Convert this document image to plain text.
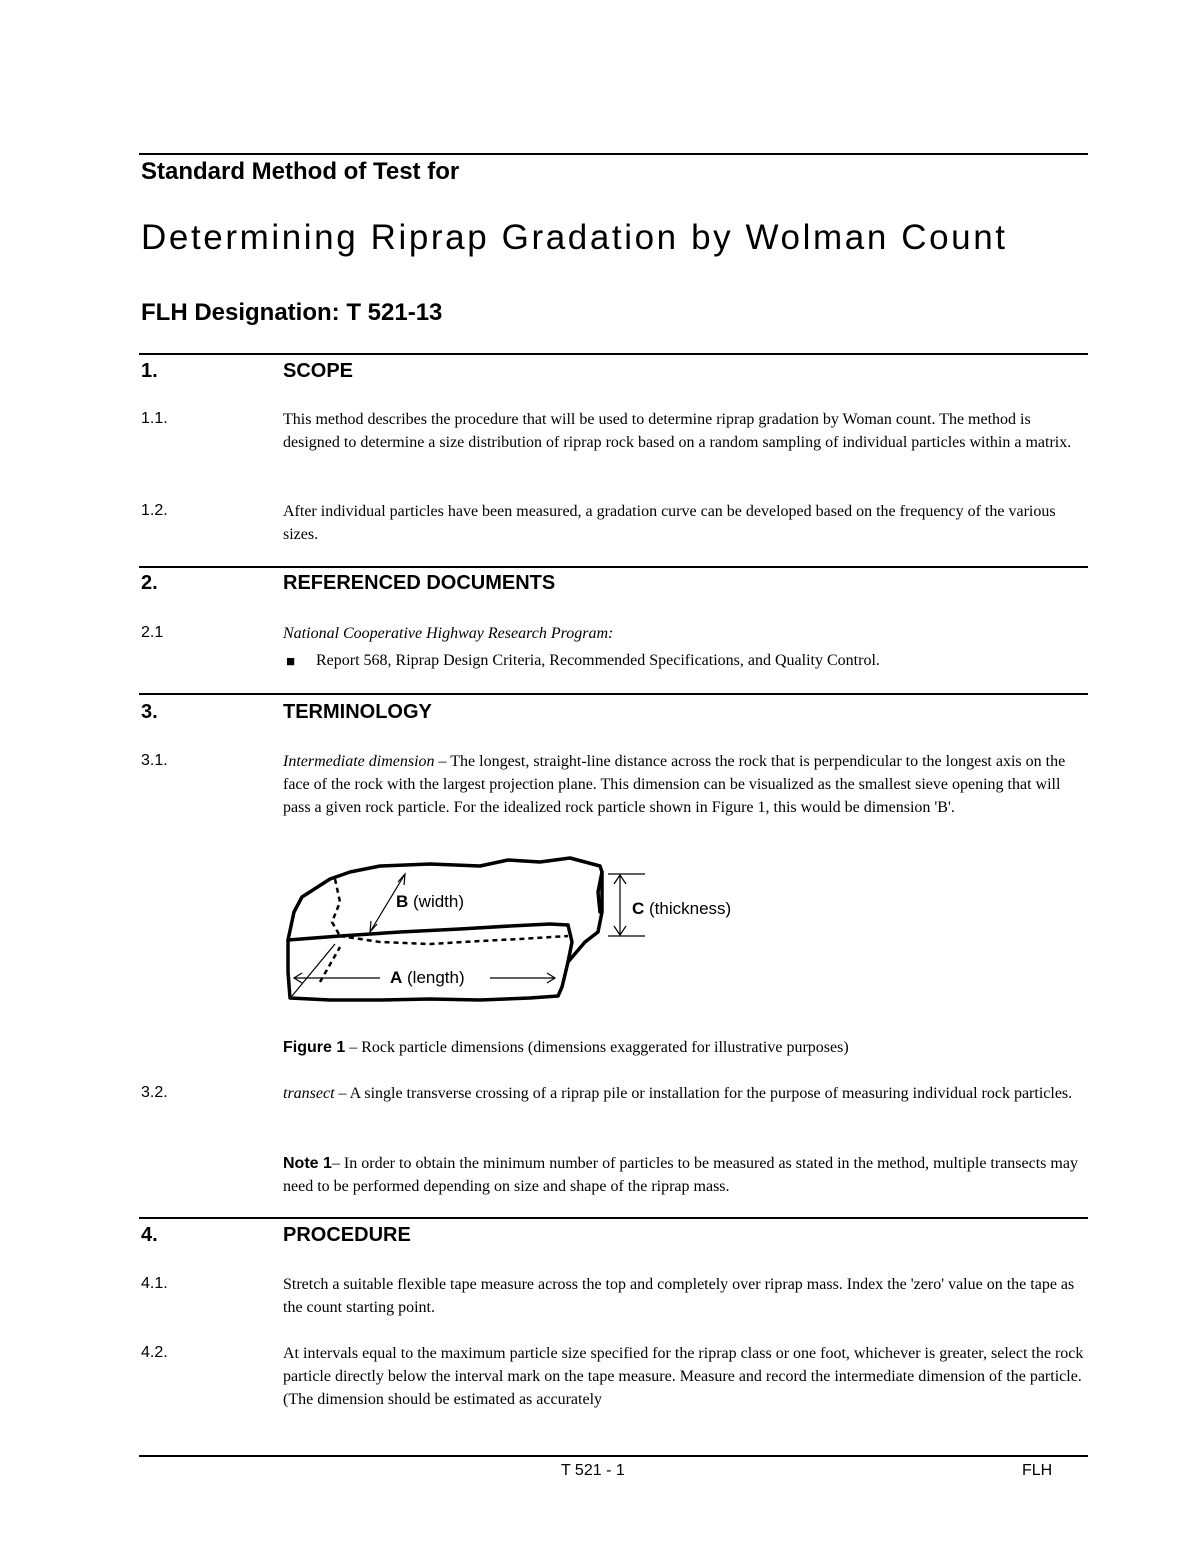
Standard Method of Test for
Determining Riprap Gradation by Wolman Count
FLH Designation: T 521-13
1.	SCOPE
1.1.	This method describes the procedure that will be used to determine riprap gradation by Woman count. The method is designed to determine a size distribution of riprap rock based on a random sampling of individual particles within a matrix.
1.2.	After individual particles have been measured, a gradation curve can be developed based on the frequency of the various sizes.
2.	REFERENCED DOCUMENTS
2.1	National Cooperative Highway Research Program:
■ Report 568, Riprap Design Criteria, Recommended Specifications, and Quality Control.
3.	TERMINOLOGY
3.1.	Intermediate dimension – The longest, straight-line distance across the rock that is perpendicular to the longest axis on the face of the rock with the largest projection plane. This dimension can be visualized as the smallest sieve opening that will pass a given rock particle. For the idealized rock particle shown in Figure 1, this would be dimension 'B'.
B (width)	C (thickness)
A (length)
Figure 1 – Rock particle dimensions (dimensions exaggerated for illustrative purposes)
3.2.	transect – A single transverse crossing of a riprap pile or installation for the purpose of measuring individual rock particles.
Note 1– In order to obtain the minimum number of particles to be measured as stated in the method, multiple transects may need to be performed depending on size and shape of the riprap mass.
4.	PROCEDURE
4.1.	Stretch a suitable flexible tape measure across the top and completely over riprap mass. Index the 'zero' value on the tape as the count starting point.
4.2.	At intervals equal to the maximum particle size specified for the riprap class or one foot, whichever is greater, select the rock particle directly below the interval mark on the tape measure. Measure and record the intermediate dimension of the particle. (The dimension should be estimated as accurately
T 521 - 1	FLH
